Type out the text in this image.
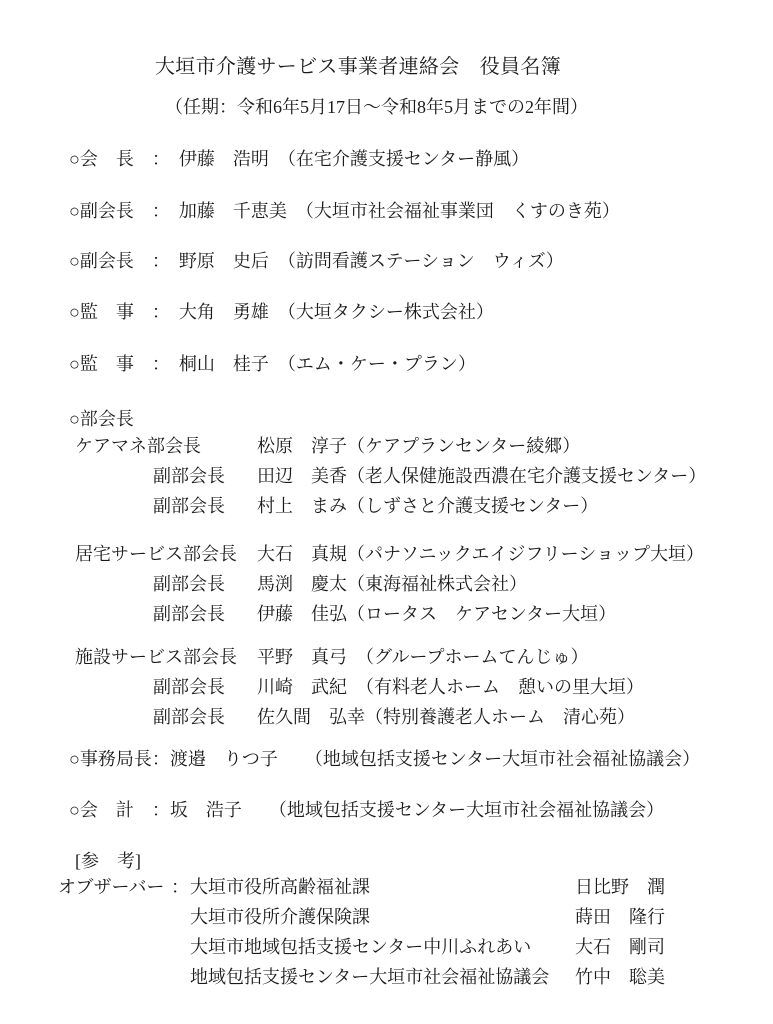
大垣市介護サービス事業者連絡会　役員名簿
（任期：令和6年5月17日～令和8年5月までの2年間）
○会　長　：　伊藤　浩明　（在宅介護支援センター静風）
○副会長　：　加藤　千恵美　（大垣市社会福祉事業団　くすのき苑）
○副会長　：　野原　史后　（訪問看護ステーション　ウィズ）
○監　事　：　大角　勇雄　（大垣タクシー株式会社）
○監　事　：　桐山　桂子　（エム・ケー・プラン）
○部会長
ケアマネ部会長	松原　淳子（ケアプランセンター綾郷）
副部会長 田辺　美香（老人保健施設西濃在宅介護支援センター）
副部会長 村上　まみ（しずさと介護支援センター）
居宅サービス部会長 大石　真規（パナソニックエイジフリーショップ大垣）
副部会長 馬渕　慶太（東海福祉株式会社）
副部会長 伊藤　佳弘（ロータス　ケアセンター大垣）
施設サービス部会長 平野　真弓　（グループホームてんじゅ）
副部会長 川崎　武紀　（有料老人ホーム　憩いの里大垣）
副部会長 佐久間　弘幸（特別養護老人ホーム　清心苑）
○事務局長：渡邉　りつ子　　（地域包括支援センター大垣市社会福祉協議会）
○会　計　：坂　浩子　　（地域包括支援センター大垣市社会福祉協議会）
[参　考]
オブザーバー ：大垣市役所高齢福祉課	日比野　潤
大垣市役所介護保険課	蒔田　隆行
大垣市地域包括支援センター中川ふれあい 大石　剛司
地域包括支援センター大垣市社会福祉協議会 竹中　聡美
